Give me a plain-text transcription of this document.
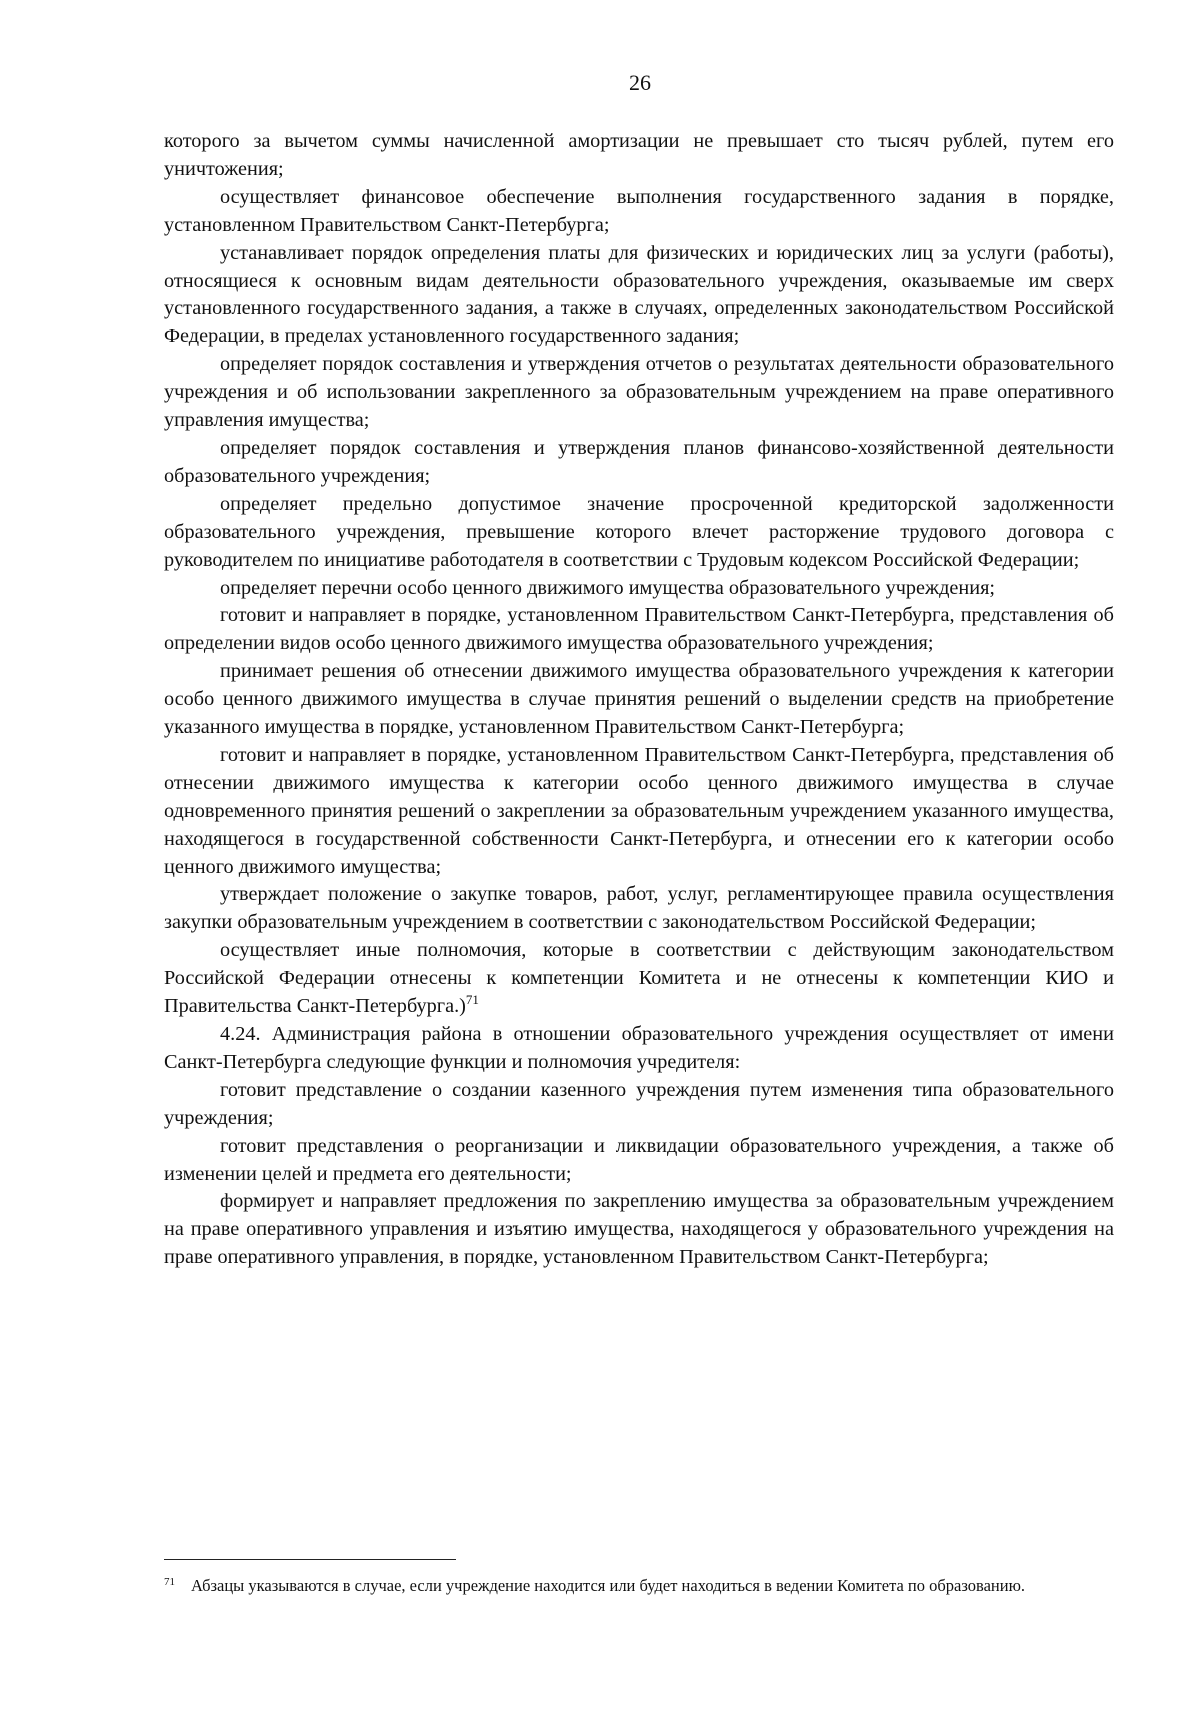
26

которого за вычетом суммы начисленной амортизации не превышает сто тысяч рублей, путем его уничтожения;

осуществляет финансовое обеспечение выполнения государственного задания в порядке, установленном Правительством Санкт-Петербурга;

устанавливает порядок определения платы для физических и юридических лиц за услуги (работы), относящиеся к основным видам деятельности образовательного учреждения, оказываемые им сверх установленного государственного задания, а также в случаях, определенных законодательством Российской Федерации, в пределах установленного государственного задания;

определяет порядок составления и утверждения отчетов о результатах деятельности образовательного учреждения и об использовании закрепленного за образовательным учреждением на праве оперативного управления имущества;

определяет порядок составления и утверждения планов финансово-хозяйственной деятельности образовательного учреждения;

определяет предельно допустимое значение просроченной кредиторской задолженности образовательного учреждения, превышение которого влечет расторжение трудового договора с руководителем по инициативе работодателя в соответствии с Трудовым кодексом Российской Федерации;

определяет перечни особо ценного движимого имущества образовательного учреждения;

готовит и направляет в порядке, установленном Правительством Санкт-Петербурга, представления об определении видов особо ценного движимого имущества образовательного учреждения;

принимает решения об отнесении движимого имущества образовательного учреждения к категории особо ценного движимого имущества в случае принятия решений о выделении средств на приобретение указанного имущества в порядке, установленном Правительством Санкт-Петербурга;

готовит и направляет в порядке, установленном Правительством Санкт-Петербурга, представления об отнесении движимого имущества к категории особо ценного движимого имущества в случае одновременного принятия решений о закреплении за образовательным учреждением указанного имущества, находящегося в государственной собственности Санкт-Петербурга, и отнесении его к категории особо ценного движимого имущества;

утверждает положение о закупке товаров, работ, услуг, регламентирующее правила осуществления закупки образовательным учреждением в соответствии с законодательством Российской Федерации;

осуществляет иные полномочия, которые в соответствии с действующим законодательством Российской Федерации отнесены к компетенции Комитета и не отнесены к компетенции КИО и Правительства Санкт-Петербурга.)$^{71}$

4.24. Администрация района в отношении образовательного учреждения осуществляет от имени Санкт-Петербурга следующие функции и полномочия учредителя:

готовит представление о создании казенного учреждения путем изменения типа образовательного учреждения;

готовит представления о реорганизации и ликвидации образовательного учреждения, а также об изменении целей и предмета его деятельности;

формирует и направляет предложения по закреплению имущества за образовательным учреждением на праве оперативного управления и изъятию имущества, находящегося у образовательного учреждения на праве оперативного управления, в порядке, установленном Правительством Санкт-Петербурга;

$^{71}$ Абзацы указываются в случае, если учреждение находится или будет находиться в ведении Комитета по образованию.
